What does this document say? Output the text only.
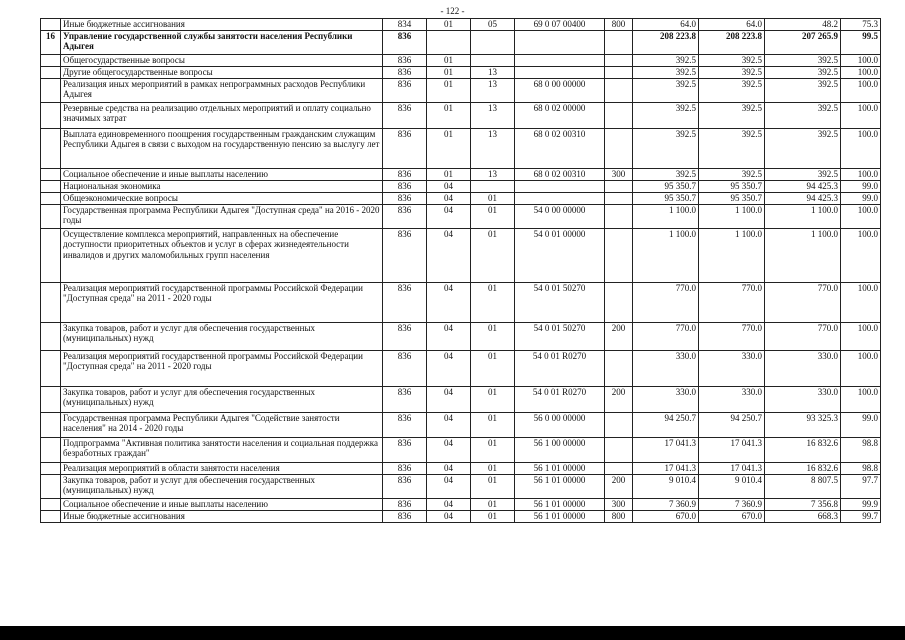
- 122 -
	Иные бюджетные ассигнования	834	01	05	69 0 07 00400	800	64.0	64.0	48.2	75.3
16	Управление государственной службы занятости населения Республики Адыгея	836					208 223.8	208 223.8	207 265.9	99.5
	Общегосударственные вопросы	836	01				392.5	392.5	392.5	100.0
	Другие общегосударственные вопросы	836	01	13			392.5	392.5	392.5	100.0
	Реализация иных мероприятий в рамках непрограммных расходов Республики Адыгея	836	01	13	68 0 00 00000		392.5	392.5	392.5	100.0
	Резервные средства на реализацию отдельных мероприятий и оплату социально значимых затрат	836	01	13	68 0 02 00000		392.5	392.5	392.5	100.0
	Выплата единовременного поощрения государственным гражданским служащим Республики Адыгея в связи с выходом на государственную пенсию за выслугу лет	836	01	13	68 0 02 00310		392.5	392.5	392.5	100.0
	Социальное обеспечение и иные выплаты населению	836	01	13	68 0 02 00310	300	392.5	392.5	392.5	100.0
	Национальная экономика	836	04				95 350.7	95 350.7	94 425.3	99.0
	Общеэкономические вопросы	836	04	01			95 350.7	95 350.7	94 425.3	99.0
	Государственная программа Республики Адыгея "Доступная среда" на 2016 - 2020 годы	836	04	01	54 0 00 00000		1 100.0	1 100.0	1 100.0	100.0
	Осуществление комплекса мероприятий, направленных на обеспечение доступности приоритетных объектов и услуг в сферах жизнедеятельности инвалидов и других маломобильных групп населения	836	04	01	54 0 01 00000		1 100.0	1 100.0	1 100.0	100.0
	Реализация мероприятий государственной программы Российской Федерации "Доступная среда" на 2011 - 2020 годы	836	04	01	54 0 01 50270		770.0	770.0	770.0	100.0
	Закупка товаров, работ и услуг для обеспечения государственных (муниципальных) нужд	836	04	01	54 0 01 50270	200	770.0	770.0	770.0	100.0
	Реализация мероприятий государственной программы Российской Федерации "Доступная среда" на 2011 - 2020 годы	836	04	01	54 0 01 R0270		330.0	330.0	330.0	100.0
	Закупка товаров, работ и услуг для обеспечения государственных (муниципальных) нужд	836	04	01	54 0 01 R0270	200	330.0	330.0	330.0	100.0
	Государственная программа Республики Адыгея "Содействие занятости населения" на 2014 - 2020 годы	836	04	01	56 0 00 00000		94 250.7	94 250.7	93 325.3	99.0
	Подпрограмма "Активная политика занятости населения и социальная поддержка безработных граждан"	836	04	01	56 1 00 00000		17 041.3	17 041.3	16 832.6	98.8
	Реализация мероприятий в области занятости населения	836	04	01	56 1 01 00000		17 041.3	17 041.3	16 832.6	98.8
	Закупка товаров, работ и услуг для обеспечения государственных (муниципальных) нужд	836	04	01	56 1 01 00000	200	9 010.4	9 010.4	8 807.5	97.7
	Социальное обеспечение и иные выплаты населению	836	04	01	56 1 01 00000	300	7 360.9	7 360.9	7 356.8	99.9
	Иные бюджетные ассигнования	836	04	01	56 1 01 00000	800	670.0	670.0	668.3	99.7
